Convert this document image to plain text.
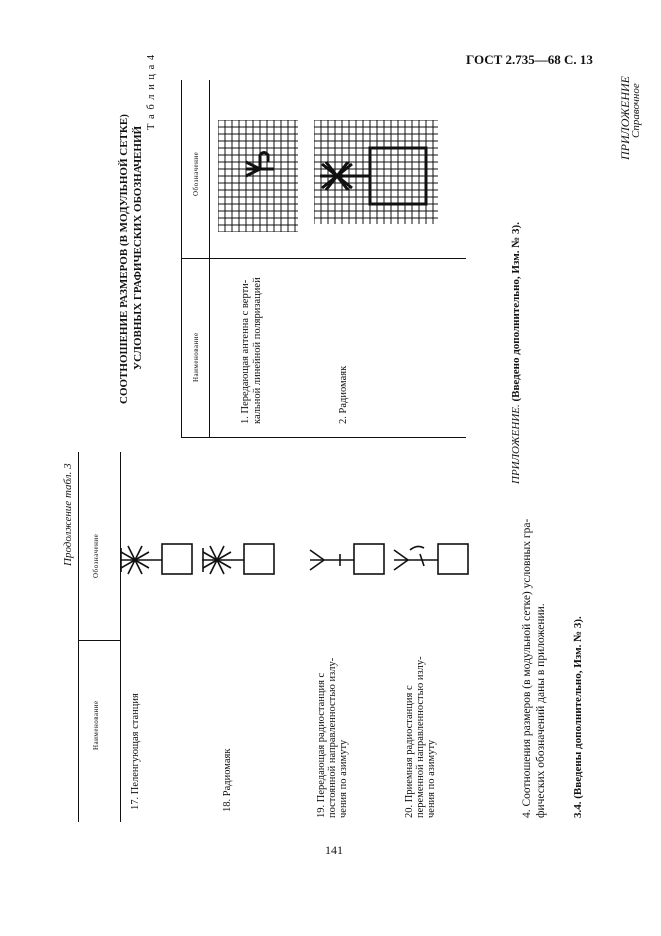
ГОСТ 2.735—68 С. 13
141
Продолжение табл. 3	Обозначение
Наименование	17. Пеленгующая станция	18. Радиомаяк	19. Передающая радиостанция с постоянной направленностью излу- чения по азимуту	20. Приемная радиостанция с переменной направленностью излу- чения по азимуту	4. Соотношения размеров (в модульной сетке) условных гра- фических обозначений даны в приложении. 3.4. (Введены дополнительно, Изм. № 3).
ПРИЛОЖЕНИЕ
Справочное
СООТНОШЕНИЕ РАЗМЕРОВ (В МОДУЛЬНОЙ СЕТКЕ) УСЛОВНЫХ ГРАФИЧЕСКИХ ОБОЗНАЧЕНИЙ
Т а б л и ц а 4
Обозначение
Наименование	1. Передающая антенна с верти- кальной линейной поляризацией	2. Радиомаяк
ПРИЛОЖЕНИЕ. (Введено дополнительно, Изм. № 3).
